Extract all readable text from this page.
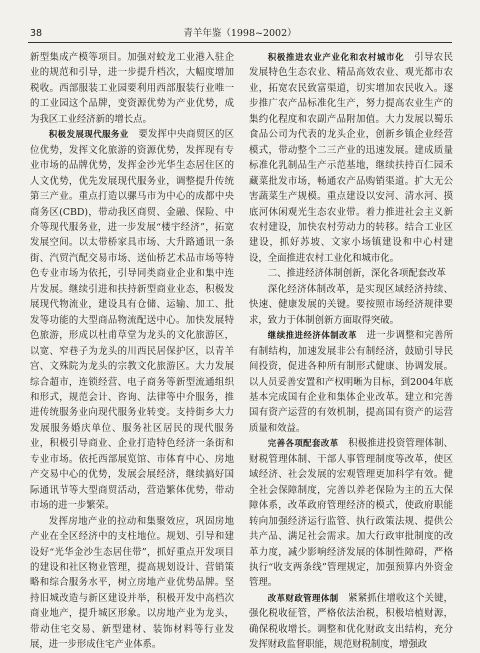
38	青羊年鉴（1998~2002）

新型集成产模等项目。加强对蛟龙工业港入驻企业的规范和引导，进一步提升档次，大幅度增加税收。西部服装工业园要利用西部服装行业唯一的工业园这个品牌，变资源优势为产业优势，成为我区工业经济新的增长点。

积极发展现代服务业　 要发挥中央商贸区的区位优势，发挥文化旅游的资源优势，发挥现有专业市场的品牌优势，发挥金沙光华生态居住区的人文优势，优先发展现代服务业，调整提升传统第三产业。重点打造以骡马市为中心的成都中央商务区(CBD)，带动我区商贸、金融、保险、中介等现代服务业，进一步发展“楼宇经济”，拓宽发展空间。以太带桥家具市场、大升路通讯一条街、汽贸汽配交易市场、送仙桥艺术品市场等特色专业市场为依托，引导同类商业企业和集中连片发展。继续引进和扶持新型商业业态，积极发展现代物流业，建设具有仓储、运输、加工、批发等功能的大型商品物流配送中心。加快发展特色旅游，形成以杜甫草堂为龙头的文化旅游区，以宽、窄巷子为龙头的川西民居保护区，以青羊宫、文殊院为龙头的宗教文化旅游区。大力发展综合超市，连锁经营、电子商务等新型流通组织和形式，规范会计、咨询、法律等中介服务，推进传统服务业向现代服务业转变。支持街乡大力发展服务婚庆单位、服务社区居民的现代服务业，积极引导商业、企业打造特色经济一条街和专业市场。依托西部展览馆、市体育中心、房地产交易中心的优势，发展会展经济，继续搞好国际通讯节等大型商贸活动，营造繁体优势，带动市场的进一步繁荣。

发挥房地产业的拉动和集聚效应，巩固房地产业在全区经济中的支柱地位。规划、引导和建设好“光华金沙生态居住带”，抓好重点开发项目的建设和社区物业管理，提高规划设计、营销策略和综合服务水平，树立房地产业优势品牌。坚持旧城改造与新区建设并举，积极开发中高档次商业地产，提升城区形象。以房地产业为龙头，带动住宅交易、新型建材、装饰材料等行业发展，进一步形成住宅产业体系。

积极推进农业产业化和农村城市化　 引导农民发展特色生态农业、精品高效农业、观光都市农业，拓宽农民致富渠道，切实增加农民收入。逐步推广农产品标准化生产，努力提高农业生产的集约化程度和农副产品附加值。大力发展以蜀乐食品公司为代表的龙头企业，创新乡镇企业经营模式，带动整个二三产业的迅速发展。建成质量标准化乳制品生产示范基地，继续扶持百仁园禾藏菜批发市场，畅通农产品购销渠道。扩大无公害蔬菜生产规模。重点建设以安河、清水河、摸底河休闲观光生态农业带。着力推进社会主义新农村建设，加快农村劳动力的转移。结合工业区建设，抓好苏坡、文家小场镇建设和中心村建设，全面推进农村工业化和城市化。

二、推进经济体制创新，深化各项配套改革

深化经济体制改革，是实现区域经济持续、快速、健康发展的关键。要按照市场经济规律要求，致力于体制创新方面取得突破。

继续推进经济体制改革　 进一步调整和完善所有制结构，加速发展非公有制经济，鼓励引导民间投资，促进各种所有制形式健康、协调发展。以人员妥善安置和产权明晰为目标，到2004年底基本完成国有企业和集体企业改革。建立和完善国有资产运营的有效机制，提高国有资产的运营质量和效益。

完善各项配套改革　 积极推进投资管理体制、财税管理体制、干部人事管理制度等改革，使区域经济、社会发展的宏观管理更加科学有效。健全社会保障制度，完善以养老保险为主的五大保障体系，改革政府管理经济的模式，使政府职能转向加强经济运行监管、执行政策法规、提供公共产品、满足社会需求。加大行政审批制度的改革力度，减少影响经济发展的体制性障碍，严格执行“收支两条线”管理规定，加强预算内外资金管理。

改革财政管理体制　 紧紧抓住增收这个关键，强化税收征管，严格依法治税，积极培植财源，确保税收增长。调整和优化财政支出结构，充分发挥财政监督职能，规范财税制度，增强政
